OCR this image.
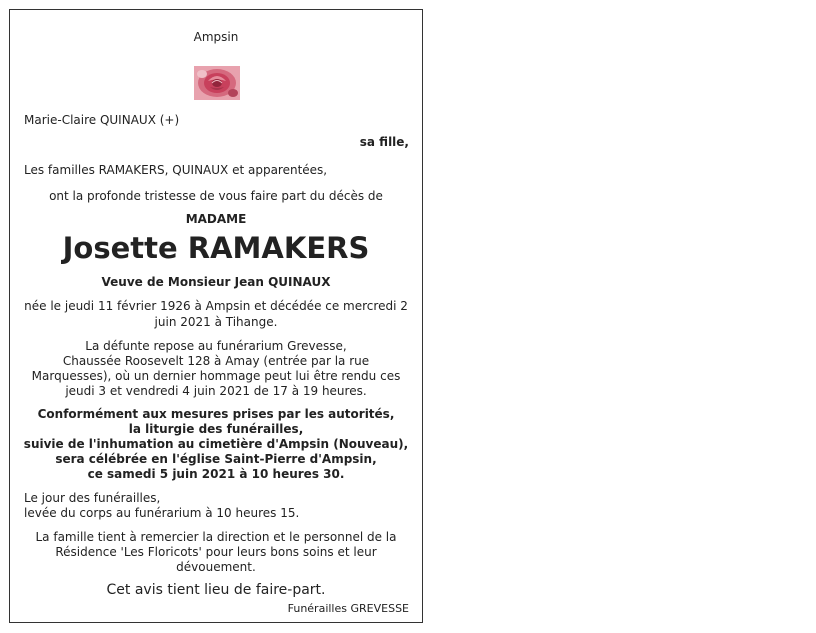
Ampsin
Marie-Claire QUINAUX (+)
sa fille,
Les familles RAMAKERS, QUINAUX et apparentées,
ont la profonde tristesse de vous faire part du décès de
MADAME
Josette RAMAKERS
Veuve de Monsieur Jean QUINAUX
née le jeudi 11 février 1926 à Ampsin et décédée ce mercredi 2
juin 2021 à Tihange.
La défunte repose au funérarium Grevesse,
Chaussée Roosevelt 128 à Amay (entrée par la rue
Marquesses), où un dernier hommage peut lui être rendu ces
jeudi 3 et vendredi 4 juin 2021 de 17 à 19 heures.
Conformément aux mesures prises par les autorités,
la liturgie des funérailles,
suivie de l'inhumation au cimetière d'Ampsin (Nouveau),
sera célébrée en l'église Saint-Pierre d'Ampsin,
ce samedi 5 juin 2021 à 10 heures 30.
Le jour des funérailles,
levée du corps au funérarium à 10 heures 15.
La famille tient à remercier la direction et le personnel de la
Résidence 'Les Floricots' pour leurs bons soins et leur
dévouement.
Cet avis tient lieu de faire-part.
Funérailles GREVESSE
